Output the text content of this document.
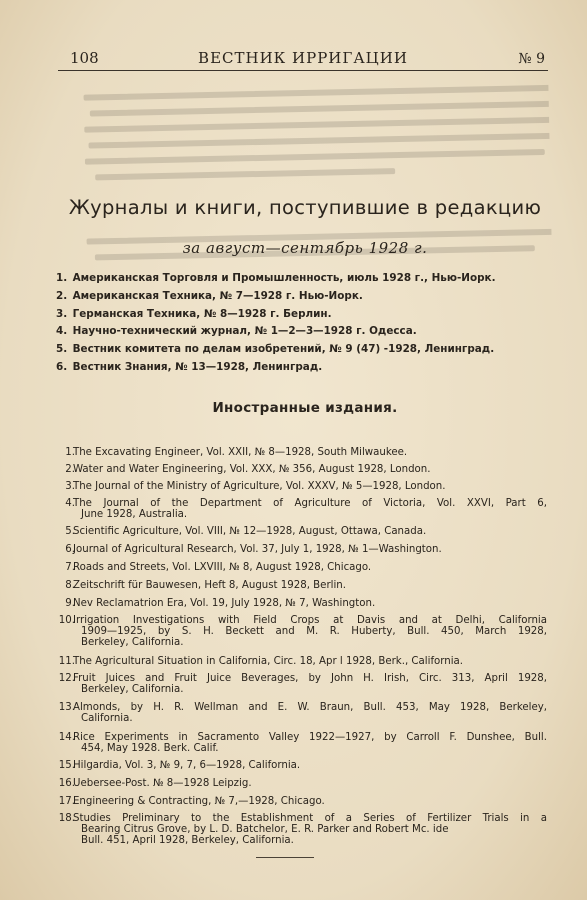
108	ВЕСТНИК ИРРИГАЦИИ	№ 9
Журналы и книги, поступившие в редакцию
за август—сентябрь 1928 г.
1. Американская Торговля и Промышленность, июль 1928 г., Нью-Иорк.
2. Американская Техника, № 7—1928 г. Нью-Иорк.
3. Германская Техника, № 8—1928 г. Берлин.
4. Научно-технический журнал, № 1—2—3—1928 г. Одесса.
5. Вестник комитета по делам изобретений, № 9 (47) -1928, Ленинград.
6. Вестник Знания, № 13—1928, Ленинград.
Иностранные издания.
1.
The Excavating Engineer, Vol. XXII, № 8—1928, South Milwaukee.
2.
Water and Water Engineering, Vol. XXX, № 356, August 1928, London.
3.
The Journal of the Ministry of Agriculture, Vol. XXXV, № 5—1928, London.
4.
The Journal of the Department of Agriculture of Victoria, Vol. XXVI, Part 6,
June 1928, Australia.
5.
Scientific Agriculture, Vol. VIII, № 12—1928, August, Ottawa, Canada.
6.
Journal of Agricultural Research, Vol. 37, July 1, 1928, № 1—Washington.
7.
Roads and Streets, Vol. LXVIII, № 8, August 1928, Chicago.
8.
Zeitschrift für Bauwesen, Heft 8, August 1928, Berlin.
9.
Nev Reclamatrion Era, Vol. 19, July 1928, № 7, Washington.
10.
Irrigation Investigations with Field Crops at Davis and at Delhi, California
1909—1925, by S. H. Beckett and M. R. Huberty, Bull. 450, March 1928,
Berkeley, California.
11.
The Agricultural Situation in California, Circ. 18, Apr l 1928, Berk., California.
12.
Fruit Juices and Fruit Juice Beverages, by John H. Irish, Circ. 313, April 1928,
Berkeley, California.
13.
Almonds, by H. R. Wellman and E. W. Braun, Bull. 453, May 1928, Berkeley,
California.
14.
Rice Experiments in Sacramento Valley 1922—1927, by Carroll F. Dunshee, Bull.
454, May 1928. Berk. Calif.
15.
Hilgardia, Vol. 3, № 9, 7, 6—1928, California.
16.
Uebersee-Post. № 8—1928 Leipzig.
17.
Engineering & Contracting, № 7,—1928, Chicago.
18.
Studies Preliminary to the Establishment of a Series of Fertilizer Trials in a
Bearing Citrus Grove, by L. D. Batchelor, E. R. Parker and Robert Mc. ide
Bull. 451, April 1928, Berkeley, California.
